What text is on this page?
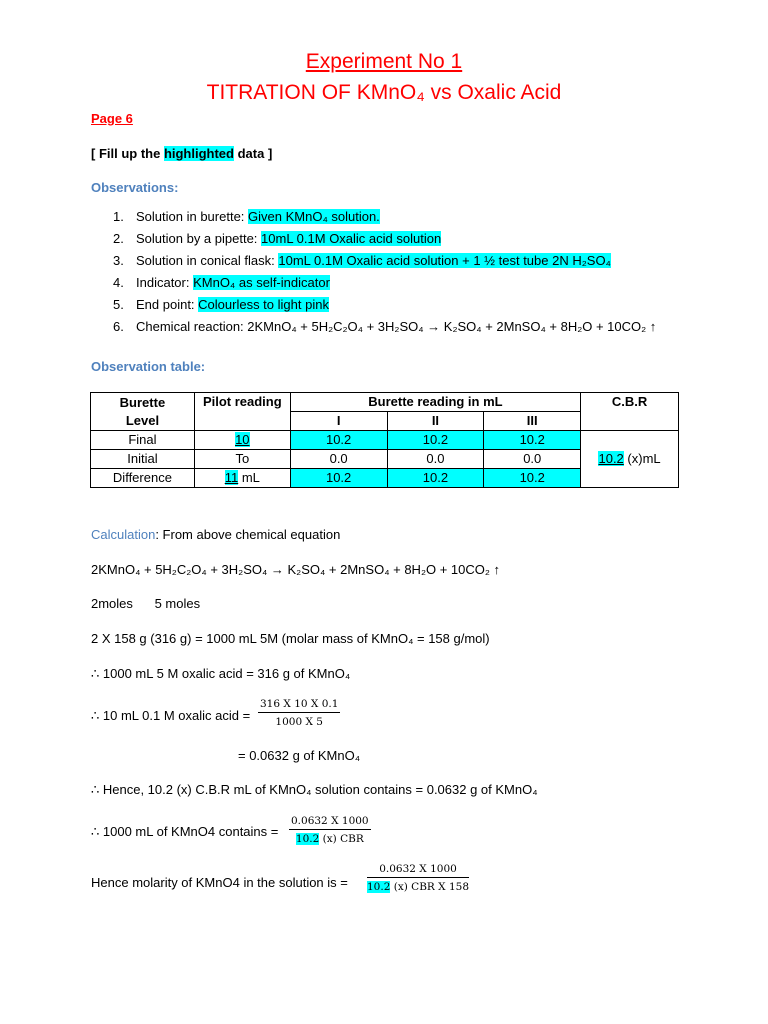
Experiment No 1
TITRATION OF KMnO₄ vs Oxalic Acid
Page 6
[ Fill up the highlighted data ]
Observations:
1. Solution in burette: Given KMnO₄ solution.
2. Solution by a pipette: 10mL 0.1M Oxalic acid solution
3. Solution in conical flask: 10mL 0.1M Oxalic acid solution + 1 ½ test tube 2N H₂SO₄
4. Indicator: KMnO₄ as self-indicator
5. End point: Colourless to light pink
6. Chemical reaction: 2KMnO₄ + 5H₂C₂O₄ + 3H₂SO₄ → K₂SO₄ + 2MnSO₄ + 8H₂O + 10CO₂ ↑
Observation table:
Burette
Level	Pilot reading	Burette reading in mL			C.B.R
		I	II	III	
Final	10	10.2	10.2	10.2	10.2 (x)mL
Initial	To	0.0	0.0	0.0	
Difference	11 mL	10.2	10.2	10.2	
Calculation: From above chemical equation
2KMnO₄ + 5H₂C₂O₄ + 3H₂SO₄ → K₂SO₄ + 2MnSO₄ + 8H₂O + 10CO₂ ↑
2moles      5 moles
2 X 158 g (316 g) = 1000 mL 5M (molar mass of KMnO₄ = 158 g/mol)
∴ 1000 mL 5 M oxalic acid = 316 g of KMnO₄
∴ 10 mL 0.1 M oxalic acid = $\frac{316 X 10 X 0.1}{1000 X 5}$
= 0.0632 g of KMnO₄
∴ Hence, 10.2 (x) C.B.R mL of KMnO₄ solution contains = 0.0632 g of KMnO₄
∴ 1000 mL of KMnO4 contains =
0.0632 X 1000
10.2 (x) CBR
Hence molarity of KMnO4 in the solution is =
0.0632 X 1000
10.2 (x) CBR X 158
